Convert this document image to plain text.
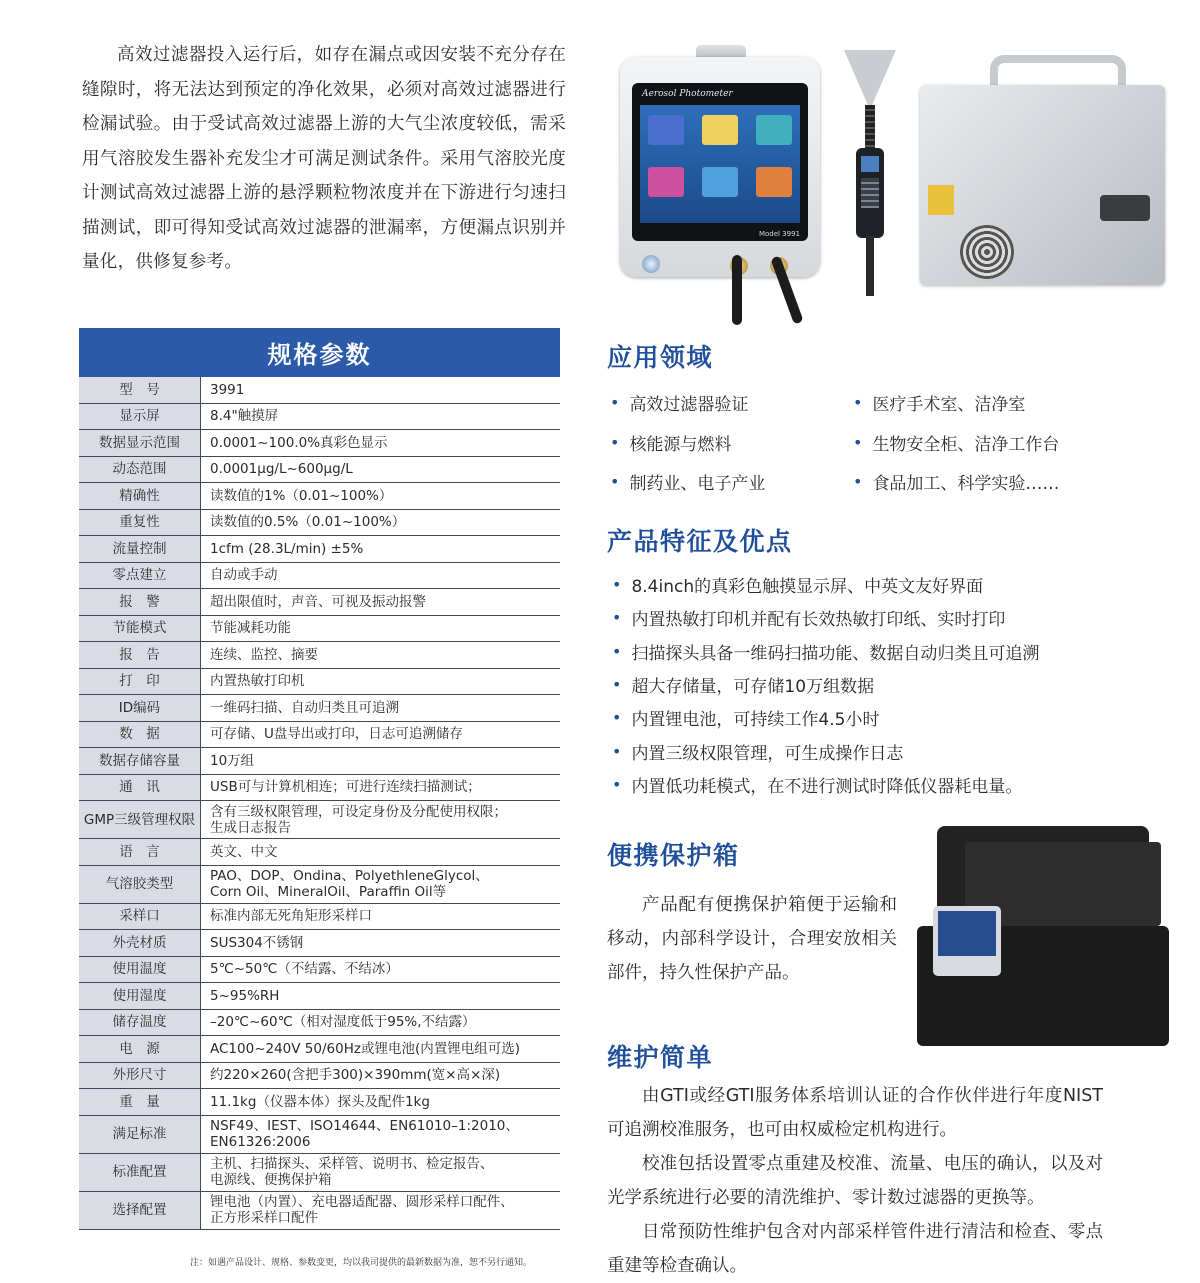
高效过滤器投入运行后，如存在漏点或因安装不充分存在缝隙时，将无法达到预定的净化效果，必须对高效过滤器进行检漏试验。由于受试高效过滤器上游的大气尘浓度较低，需采用气溶胶发生器补充发尘才可满足测试条件。采用气溶胶光度计测试高效过滤器上游的悬浮颗粒物浓度并在下游进行匀速扫描测试，即可得知受试高效过滤器的泄漏率，方便漏点识别并量化，供修复参考。

Aerosol Photometer
Model 3991
规格参数
型　号	3991

显示屏	8.4"触摸屏

数据显示范围	0.0001~100.0%真彩色显示

动态范围	0.0001μg/L~600μg/L

精确性	读数值的1%（0.01~100%）

重复性	读数值的0.5%（0.01~100%）

流量控制	1cfm (28.3L/min) ±5%

零点建立	自动或手动

报　警	超出限值时，声音、可视及振动报警

节能模式	节能减耗功能

报　告	连续、监控、摘要

打　印	内置热敏打印机

ID编码	一维码扫描、自动归类且可追溯

数　据	可存储、U盘导出或打印，日志可追溯储存

数据存储容量	10万组

通　讯	USB可与计算机相连；可进行连续扫描测试；

GMP三级管理权限	含有三级权限管理，可设定身份及分配使用权限；
生成日志报告

语　言	英文、中文

气溶胶类型	PAO、DOP、Ondina、PolyethleneGlycol、
Corn Oil、MineralOil、Paraffin Oil等

采样口	标准内部无死角矩形采样口

外壳材质	SUS304不锈钢

使用温度	5℃~50℃（不结露、不结冰）

使用湿度	5~95%RH

储存温度	–20℃~60℃（相对湿度低于95%,不结露）

电　源	AC100~240V 50/60Hz或锂电池(内置锂电组可选)

外形尺寸	约220×260(含把手300)×390mm(宽×高×深)

重　量	11.1kg（仪器本体）探头及配件1kg

满足标准	NSF49、IEST、ISO14644、EN61010–1:2010、
EN61326:2006

标准配置	主机、扫描探头、采样管、说明书、检定报告、
电源线、便携保护箱

选择配置	锂电池（内置）、充电器适配器、圆形采样口配件、
正方形采样口配件
注：如遇产品设计、规格、参数变更，均以我司提供的最新数据为准，恕不另行通知。
应用领域
• 高效过滤器验证	• 医疗手术室、洁净室
• 核能源与燃料	• 生物安全柜、洁净工作台
• 制药业、电子产业	• 食品加工、科学实验……
产品特征及优点
• 8.4inch的真彩色触摸显示屏、中英文友好界面
• 内置热敏打印机并配有长效热敏打印纸、实时打印
• 扫描探头具备一维码扫描功能、数据自动归类且可追溯
• 超大存储量，可存储10万组数据
• 内置锂电池，可持续工作4.5小时
• 内置三级权限管理，可生成操作日志
• 内置低功耗模式，在不进行测试时降低仪器耗电量。
便携保护箱

产品配有便携保护箱便于运输和移动，内部科学设计，合理安放相关部件，持久性保护产品。

维护简单

由GTI或经GTI服务体系培训认证的合作伙伴进行年度NIST可追溯校准服务，也可由权威检定机构进行。

校准包括设置零点重建及校准、流量、电压的确认，以及对光学系统进行必要的清洗维护、零计数过滤器的更换等。

日常预防性维护包含对内部采样管件进行清洁和检查、零点重建等检查确认。
